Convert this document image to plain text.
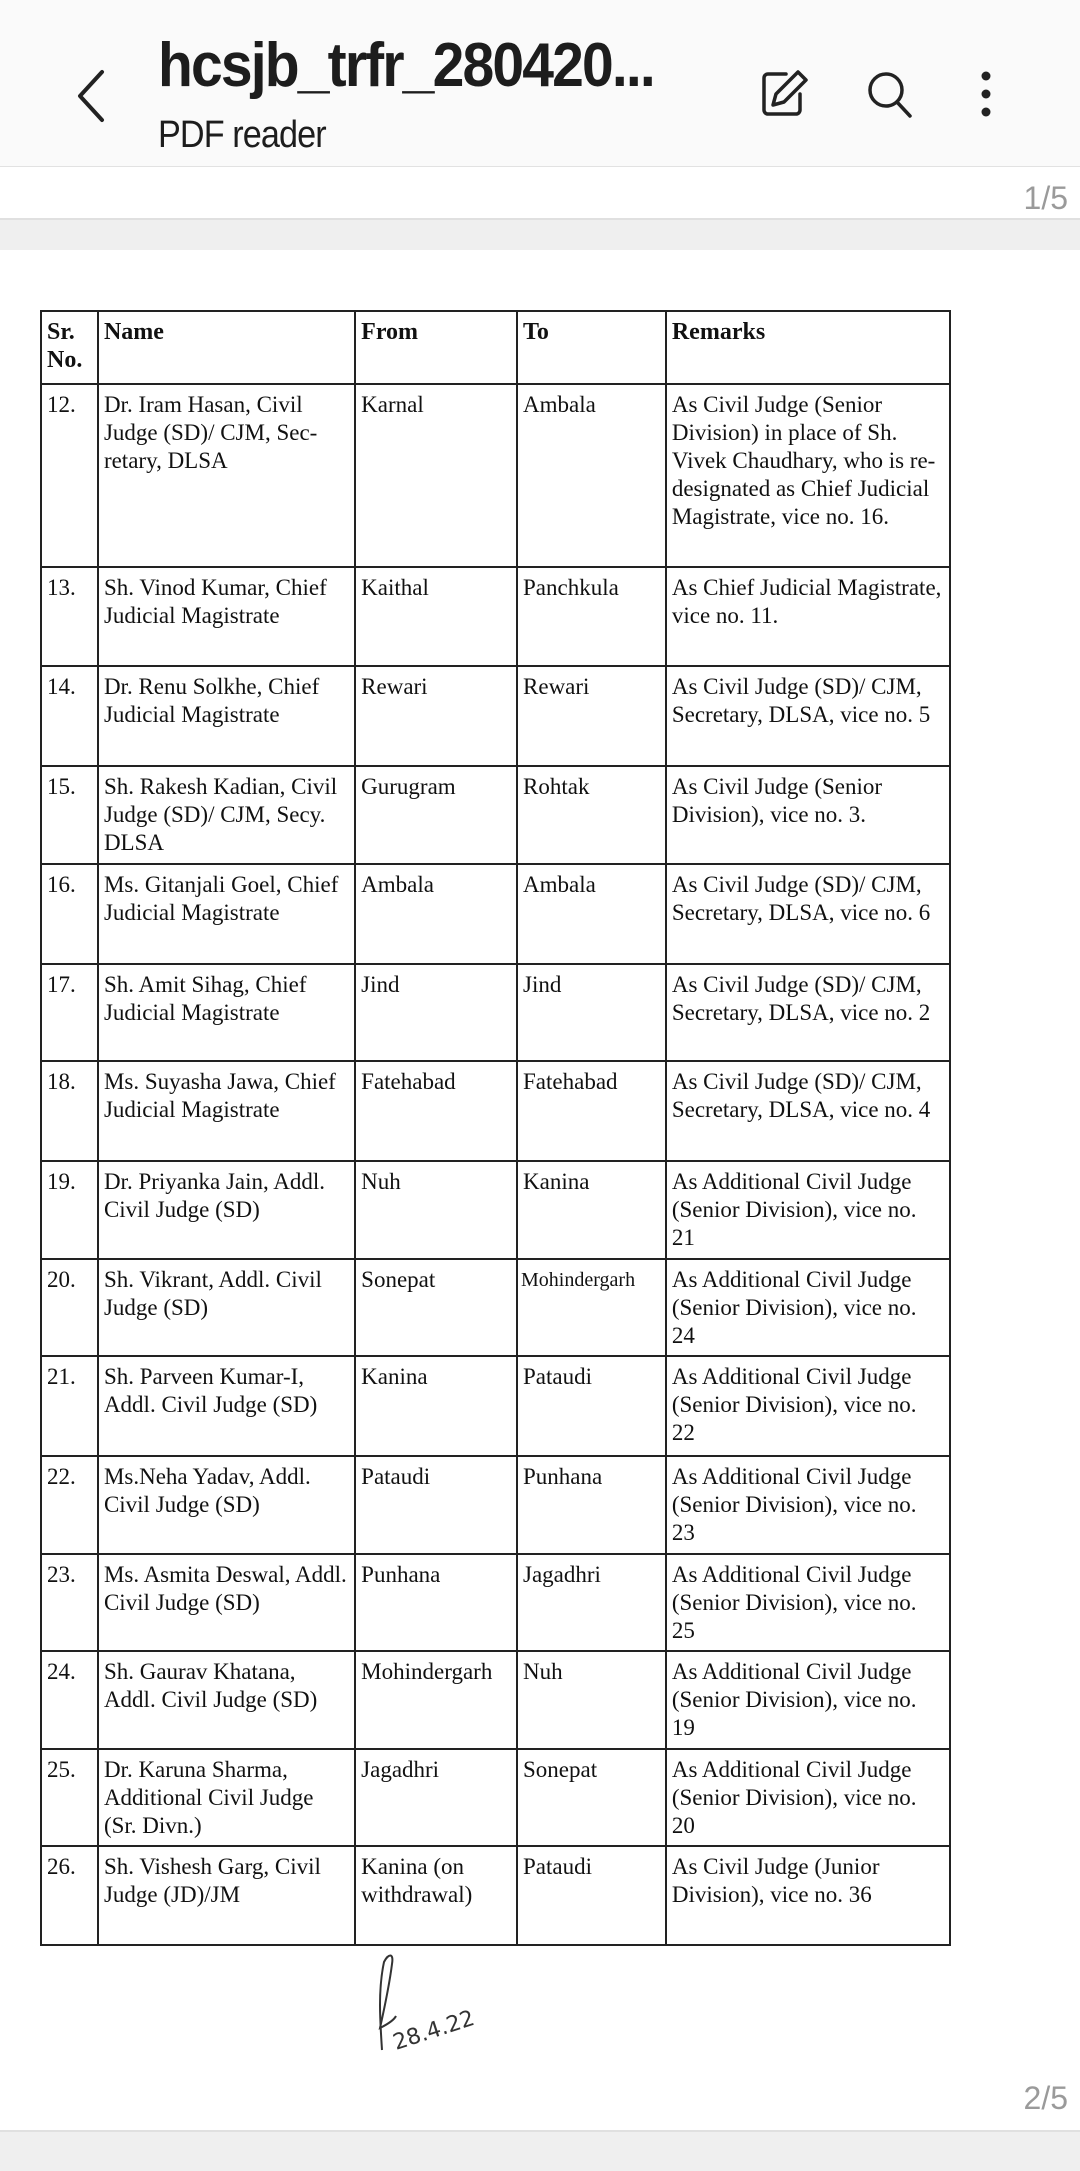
hcsjb_trfr_280420...
PDF reader
1/5
Sr. No.	Name	From	To	Remarks
12.	Dr. Iram Hasan, Civil Judge (SD)/ CJM, Sec-retary, DLSA	Karnal	Ambala	As Civil Judge (Senior Division) in place of Sh. Vivek Chaudhary, who is re-designated as Chief Judicial Magistrate, vice no. 16.
13.	Sh. Vinod Kumar, Chief Judicial Magistrate	Kaithal	Panchkula	As Chief Judicial Magistrate, vice no. 11.
14.	Dr. Renu Solkhe, Chief Judicial Magistrate	Rewari	Rewari	As Civil Judge (SD)/ CJM, Secretary, DLSA, vice no. 5
15.	Sh. Rakesh Kadian, Civil Judge (SD)/ CJM, Secy. DLSA	Gurugram	Rohtak	As Civil Judge (Senior Division), vice no. 3.
16.	Ms. Gitanjali Goel, Chief Judicial Magistrate	Ambala	Ambala	As Civil Judge (SD)/ CJM, Secretary, DLSA, vice no. 6
17.	Sh. Amit Sihag, Chief Judicial Magistrate	Jind	Jind	As Civil Judge (SD)/ CJM, Secretary, DLSA, vice no. 2
18.	Ms. Suyasha Jawa, Chief Judicial Magistrate	Fatehabad	Fatehabad	As Civil Judge (SD)/ CJM, Secretary, DLSA, vice no. 4
19.	Dr. Priyanka Jain, Addl. Civil Judge (SD)	Nuh	Kanina	As Additional Civil Judge (Senior Division), vice no. 21
20.	Sh. Vikrant, Addl. Civil Judge (SD)	Sonepat	Mohindergarh	As Additional Civil Judge (Senior Division), vice no. 24
21.	Sh. Parveen Kumar-I, Addl. Civil Judge (SD)	Kanina	Pataudi	As Additional Civil Judge (Senior Division), vice no. 22
22.	Ms.Neha Yadav, Addl. Civil Judge (SD)	Pataudi	Punhana	As Additional Civil Judge (Senior Division), vice no. 23
23.	Ms. Asmita Deswal, Addl. Civil Judge (SD)	Punhana	Jagadhri	As Additional Civil Judge (Senior Division), vice no. 25
24.	Sh. Gaurav Khatana, Addl. Civil Judge (SD)	Mohindergarh	Nuh	As Additional Civil Judge (Senior Division), vice no. 19
25.	Dr. Karuna Sharma, Additional Civil Judge (Sr. Divn.)	Jagadhri	Sonepat	As Additional Civil Judge (Senior Division), vice no. 20
26.	Sh. Vishesh Garg, Civil Judge (JD)/JM	Kanina (on withdrawal)	Pataudi	As Civil Judge (Junior Division), vice no. 36
28.4.22
2/5
